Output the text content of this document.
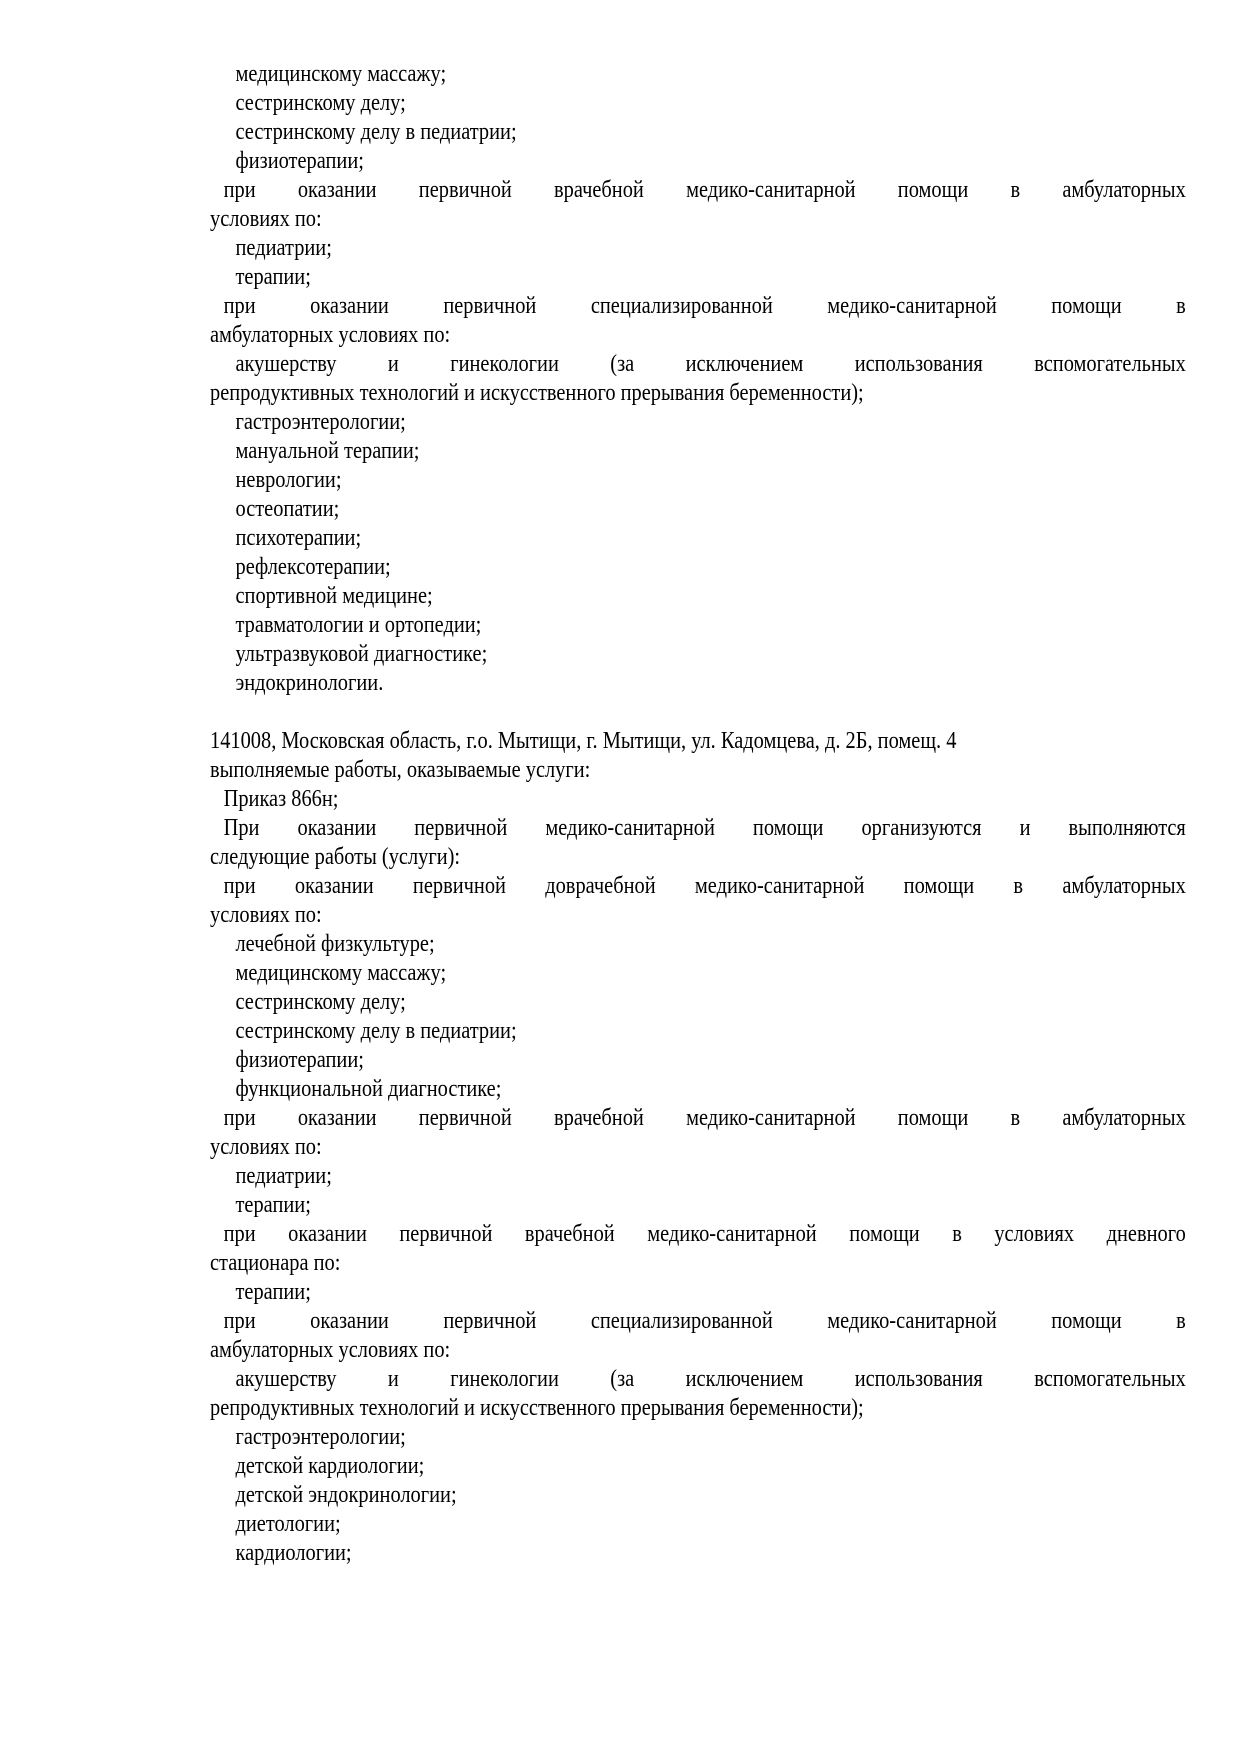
медицинскому массажу;
сестринскому делу;
сестринскому делу в педиатрии;
физиотерапии;
при оказании первичной врачебной медико-санитарной помощи в амбулаторных
условиях по:
педиатрии;
терапии;
при оказании первичной специализированной медико-санитарной помощи в
амбулаторных условиях по:
акушерству и гинекологии (за исключением использования вспомогательных
репродуктивных технологий и искусственного прерывания беременности);
гастроэнтерологии;
мануальной терапии;
неврологии;
остеопатии;
психотерапии;
рефлексотерапии;
спортивной медицине;
травматологии и ортопедии;
ультразвуковой диагностике;
эндокринологии.
141008, Московская область, г.о. Мытищи, г. Мытищи, ул. Кадомцева, д. 2Б, помещ. 4
выполняемые работы, оказываемые услуги:
Приказ 866н;
При оказании первичной медико-санитарной помощи организуются и выполняются
следующие работы (услуги):
при оказании первичной доврачебной медико-санитарной помощи в амбулаторных
условиях по:
лечебной физкультуре;
медицинскому массажу;
сестринскому делу;
сестринскому делу в педиатрии;
физиотерапии;
функциональной диагностике;
при оказании первичной врачебной медико-санитарной помощи в амбулаторных
условиях по:
педиатрии;
терапии;
при оказании первичной врачебной медико-санитарной помощи в условиях дневного
стационара по:
терапии;
при оказании первичной специализированной медико-санитарной помощи в
амбулаторных условиях по:
акушерству и гинекологии (за исключением использования вспомогательных
репродуктивных технологий и искусственного прерывания беременности);
гастроэнтерологии;
детской кардиологии;
детской эндокринологии;
диетологии;
кардиологии;
